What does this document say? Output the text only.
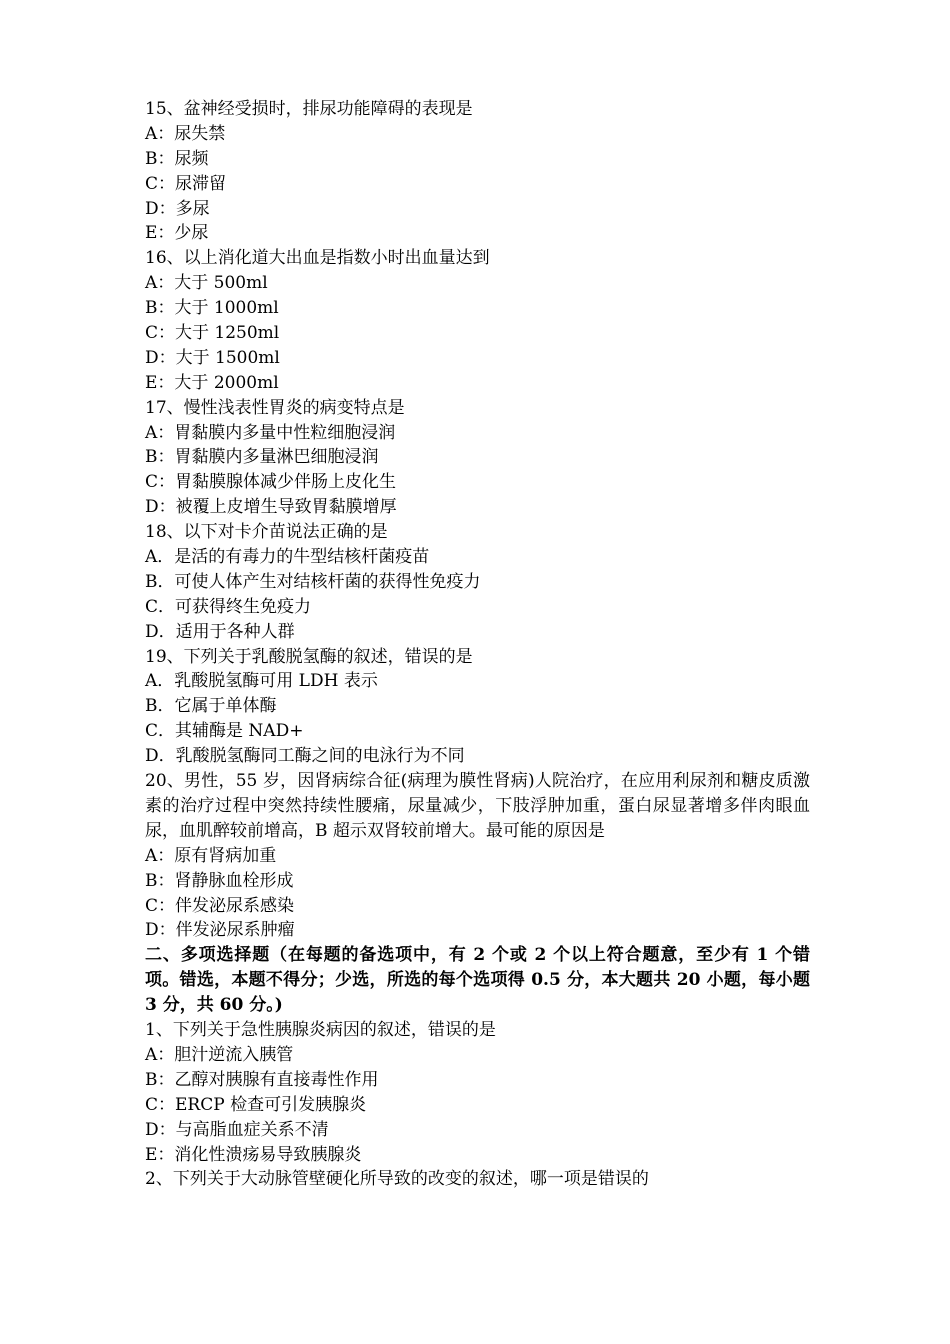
15、盆神经受损时，排尿功能障碍的表现是
A：尿失禁
B：尿频
C：尿滞留
D：多尿
E：少尿
16、以上消化道大出血是指数小时出血量达到
A：大于 500ml
B：大于 1000ml
C：大于 1250ml
D：大于 1500ml
E：大于 2000ml
17、慢性浅表性胃炎的病变特点是
A：胃黏膜内多量中性粒细胞浸润
B：胃黏膜内多量淋巴细胞浸润
C：胃黏膜腺体减少伴肠上皮化生
D：被覆上皮增生导致胃黏膜增厚
18、以下对卡介苗说法正确的是
A．是活的有毒力的牛型结核杆菌疫苗
B．可使人体产生对结核杆菌的获得性免疫力
C．可获得终生免疫力
D．适用于各种人群
19、下列关于乳酸脱氢酶的叙述，错误的是
A．乳酸脱氢酶可用 LDH 表示
B．它属于单体酶
C．其辅酶是 NAD+
D．乳酸脱氢酶同工酶之间的电泳行为不同
20、男性，55 岁，因肾病综合征(病理为膜性肾病)人院治疗，在应用利尿剂和糖皮质激素的治疗过程中突然持续性腰痛，尿量减少，下肢浮肿加重，蛋白尿显著增多伴肉眼血尿，血肌醉较前增高，B 超示双肾较前增大。最可能的原因是
A：原有肾病加重
B：肾静脉血栓形成
C：伴发泌尿系感染
D：伴发泌尿系肿瘤
二、多项选择题（在每题的备选项中，有 2 个或 2 个以上符合题意，至少有 1 个错项。错选，本题不得分；少选，所选的每个选项得 0.5 分，本大题共 20 小题，每小题 3 分，共 60 分。)
1、下列关于急性胰腺炎病因的叙述，错误的是
A：胆汁逆流入胰管
B：乙醇对胰腺有直接毒性作用
C：ERCP 检查可引发胰腺炎
D：与高脂血症关系不清
E：消化性溃疡易导致胰腺炎
2、下列关于大动脉管壁硬化所导致的改变的叙述，哪一项是错误的
